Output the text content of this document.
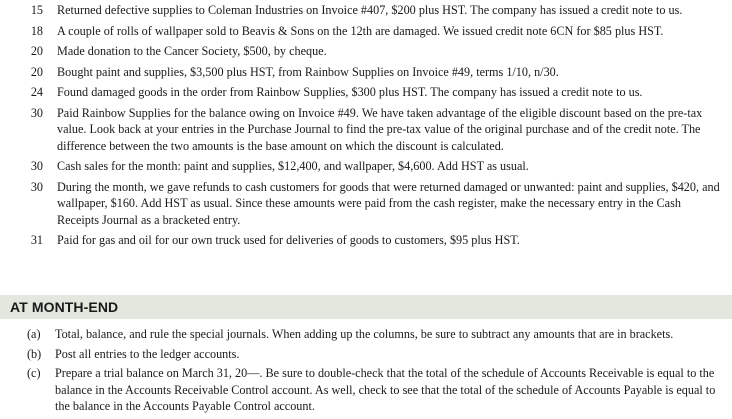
15	Returned defective supplies to Coleman Industries on Invoice #407, $200 plus HST. The company has issued a credit note to us.
18	A couple of rolls of wallpaper sold to Beavis & Sons on the 12th are damaged. We issued credit note 6CN for $85 plus HST.
20	Made donation to the Cancer Society, $500, by cheque.
20	Bought paint and supplies, $3,500 plus HST, from Rainbow Supplies on Invoice #49, terms 1/10, n/30.
24	Found damaged goods in the order from Rainbow Supplies, $300 plus HST. The company has issued a credit note to us.
30	Paid Rainbow Supplies for the balance owing on Invoice #49. We have taken advantage of the eligible discount based on the pre-tax value. Look back at your entries in the Purchase Journal to find the pre-tax value of the original purchase and of the credit note. The difference between the two amounts is the base amount on which the discount is calculated.
30	Cash sales for the month: paint and supplies, $12,400, and wallpaper, $4,600. Add HST as usual.
30	During the month, we gave refunds to cash customers for goods that were returned damaged or unwanted: paint and supplies, $420, and wallpaper, $160. Add HST as usual. Since these amounts were paid from the cash register, make the necessary entry in the Cash Receipts Journal as a bracketed entry.
31	Paid for gas and oil for our own truck used for deliveries of goods to customers, $95 plus HST.
AT MONTH-END
(a)	Total, balance, and rule the special journals. When adding up the columns, be sure to subtract any amounts that are in brackets.
(b)	Post all entries to the ledger accounts.
(c)	Prepare a trial balance on March 31, 20—. Be sure to double-check that the total of the schedule of Accounts Receivable is equal to the balance in the Accounts Receivable Control account. As well, check to see that the total of the schedule of Accounts Payable is equal to the balance in the Accounts Payable Control account.
